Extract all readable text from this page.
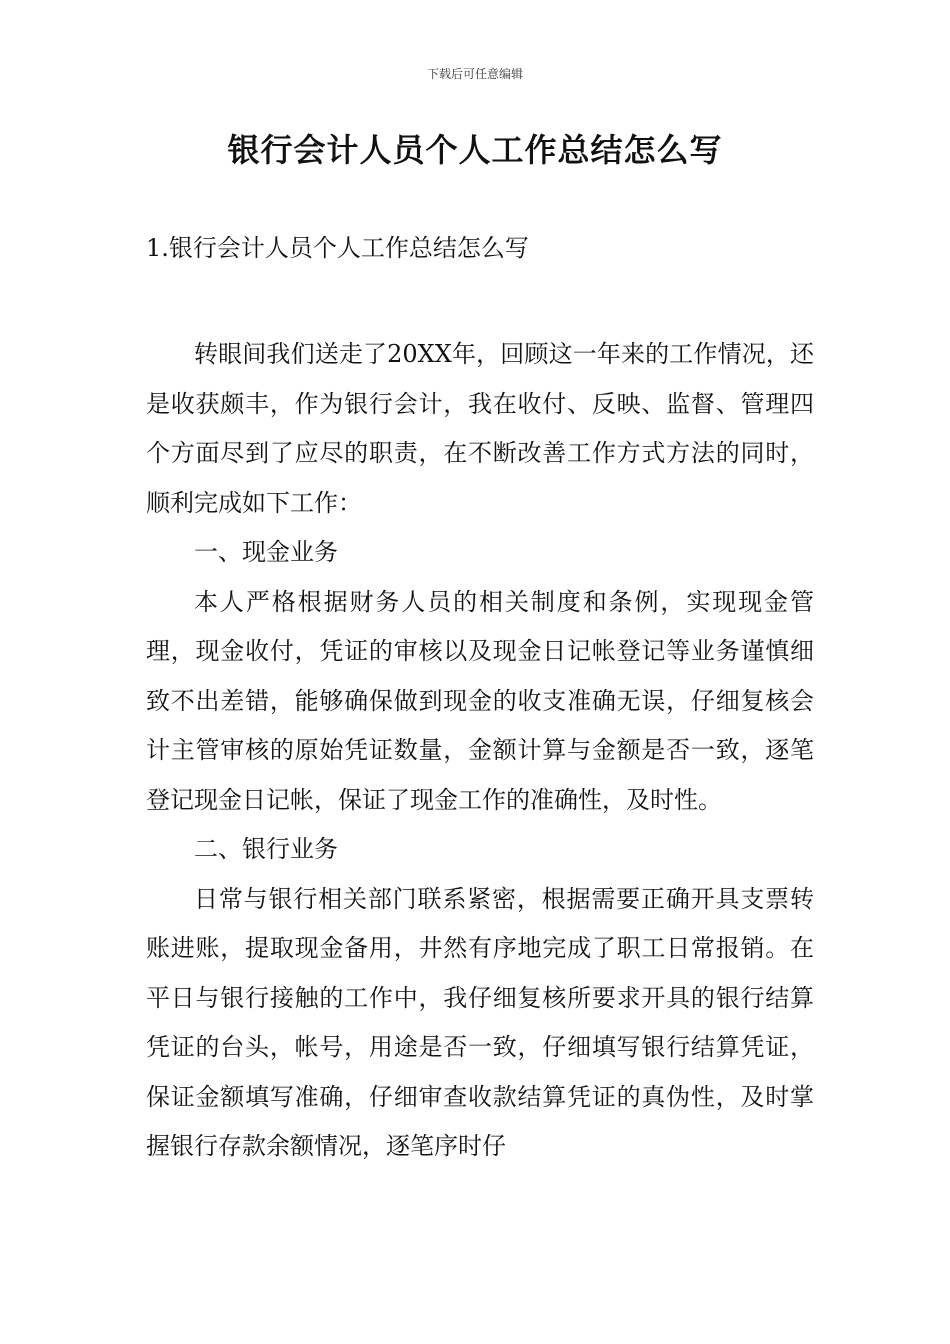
下载后可任意编辑
银行会计人员个人工作总结怎么写
1.银行会计人员个人工作总结怎么写

转眼间我们送走了20XX年，回顾这一年来的工作情况，还是收获颇丰，作为银行会计，我在收付、反映、监督、管理四个方面尽到了应尽的职责，在不断改善工作方式方法的同时，顺利完成如下工作：

一、现金业务

本人严格根据财务人员的相关制度和条例，实现现金管理，现金收付，凭证的审核以及现金日记帐登记等业务谨慎细致不出差错，能够确保做到现金的收支准确无误，仔细复核会计主管审核的原始凭证数量，金额计算与金额是否一致，逐笔登记现金日记帐，保证了现金工作的准确性，及时性。

二、银行业务

日常与银行相关部门联系紧密，根据需要正确开具支票转账进账，提取现金备用，井然有序地完成了职工日常报销。在平日与银行接触的工作中，我仔细复核所要求开具的银行结算凭证的台头，帐号，用途是否一致，仔细填写银行结算凭证，保证金额填写准确，仔细审查收款结算凭证的真伪性，及时掌握银行存款余额情况，逐笔序时仔
